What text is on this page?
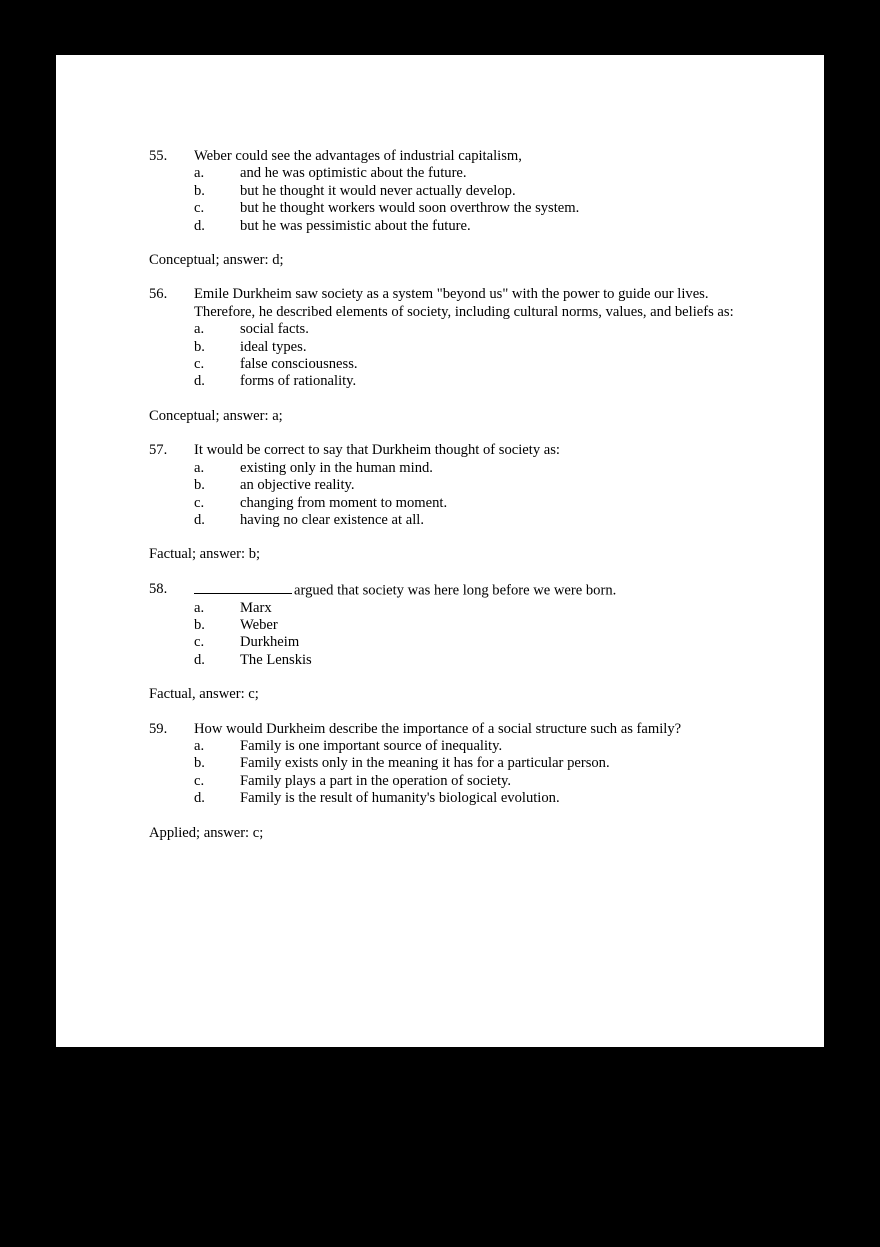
55.	Weber could see the advantages of industrial capitalism,
a.	and he was optimistic about the future.
b.	but he thought it would never actually develop.
c.	but he thought workers would soon overthrow the system.
d.	but he was pessimistic about the future.
Conceptual; answer: d;
56.	Emile Durkheim saw society as a system "beyond us" with the power to guide our lives. Therefore, he described elements of society, including cultural norms, values, and beliefs as:
a.	social facts.
b.	ideal types.
c.	false consciousness.
d.	forms of rationality.
Conceptual; answer: a;
57.	It would be correct to say that Durkheim thought of society as:
a.	existing only in the human mind.
b.	an objective reality.
c.	changing from moment to moment.
d.	having no clear existence at all.
Factual; answer: b;
58.	argued that society was here long before we were born.
a.	Marx
b.	Weber
c.	Durkheim
d.	The Lenskis
Factual, answer: c;
59.	How would Durkheim describe the importance of a social structure such as family?
a.	Family is one important source of inequality.
b.	Family exists only in the meaning it has for a particular person.
c.	Family plays a part in the operation of society.
d.	Family is the result of humanity's biological evolution.
Applied; answer: c;
